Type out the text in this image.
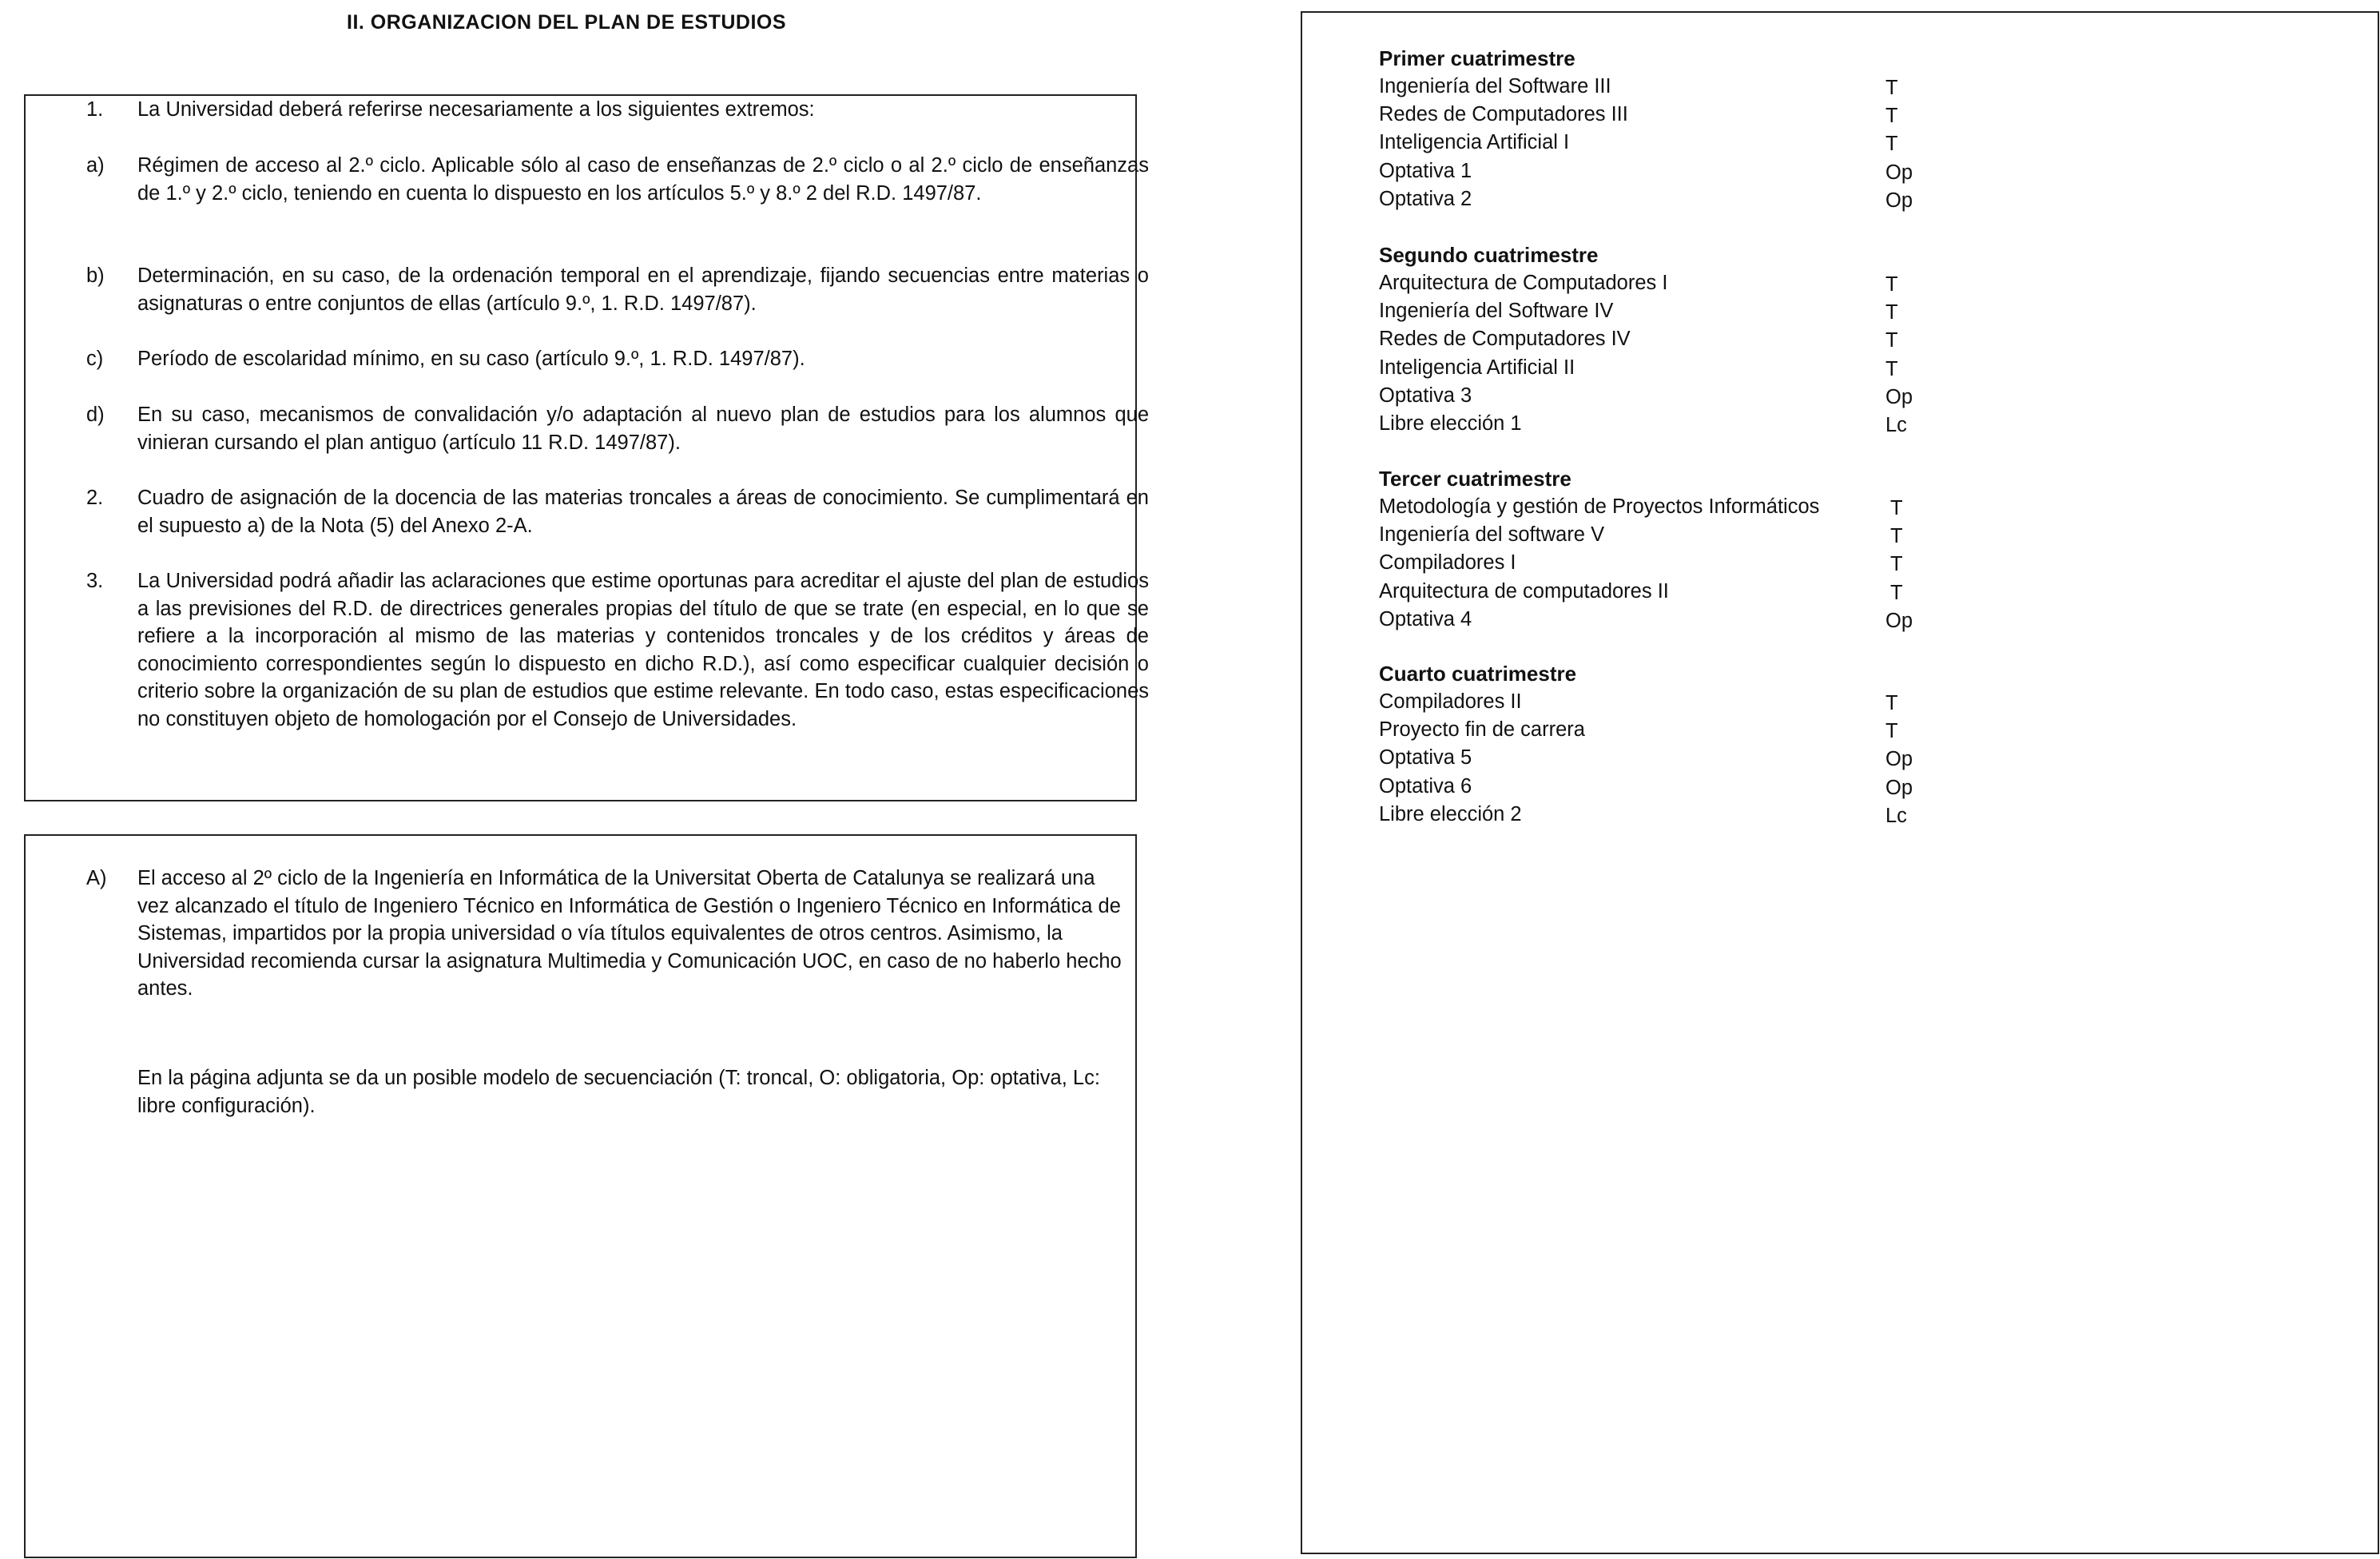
II. ORGANIZACION DEL PLAN DE ESTUDIOS
1. La Universidad deberá referirse necesariamente a los siguientes extremos:
a) Régimen de acceso al 2.º ciclo. Aplicable sólo al caso de enseñanzas de 2.º ciclo o al 2.º ciclo de enseñanzas de 1.º y 2.º ciclo, teniendo en cuenta lo dispuesto en los artículos 5.º y 8.º 2 del R.D. 1497/87.
b) Determinación, en su caso, de la ordenación temporal en el aprendizaje, fijando secuencias entre materias o asignaturas o entre conjuntos de ellas (artículo 9.º, 1. R.D. 1497/87).
c) Período de escolaridad mínimo, en su caso (artículo 9.º, 1. R.D. 1497/87).
d) En su caso, mecanismos de convalidación y/o adaptación al nuevo plan de estudios para los alumnos que vinieran cursando el plan antiguo (artículo 11 R.D. 1497/87).
2. Cuadro de asignación de la docencia de las materias troncales a áreas de conocimiento. Se cumplimentará en el supuesto a) de la Nota (5) del Anexo 2-A.
3. La Universidad podrá añadir las aclaraciones que estime oportunas para acreditar el ajuste del plan de estudios a las previsiones del R.D. de directrices generales propias del título de que se trate (en especial, en lo que se refiere a la incorporación al mismo de las materias y contenidos troncales y de los créditos y áreas de conocimiento correspondientes según lo dispuesto en dicho R.D.), así como especificar cualquier decisión o criterio sobre la organización de su plan de estudios que estime relevante. En todo caso, estas especificaciones no constituyen objeto de homologación por el Consejo de Universidades.
A) El acceso al 2º ciclo de la Ingeniería en Informática de la Universitat Oberta de Catalunya se realizará una vez alcanzado el título de Ingeniero Técnico en Informática de Gestión o Ingeniero Técnico en Informática de Sistemas, impartidos por la propia universidad o vía títulos equivalentes de otros centros. Asimismo, la Universidad recomienda cursar la asignatura Multimedia y Comunicación UOC, en caso de no haberlo hecho antes.
En la página adjunta se da un posible modelo de secuenciación (T: troncal, O: obligatoria, Op: optativa, Lc: libre configuración).
Primer cuatrimestre
Ingeniería del Software III	T
Redes de Computadores III	T
Inteligencia Artificial I	T
Optativa 1	Op
Optativa 2	Op
Segundo cuatrimestre
Arquitectura de Computadores I	T
Ingeniería del Software IV	T
Redes de Computadores IV	T
Inteligencia Artificial II	T
Optativa 3	Op
Libre elección 1	Lc
Tercer cuatrimestre
Metodología y gestión de Proyectos Informáticos	T
Ingeniería del software V	T
Compiladores I	T
Arquitectura de computadores II	T
Optativa 4	Op
Cuarto cuatrimestre
Compiladores II	T
Proyecto fin de carrera	T
Optativa 5	Op
Optativa 6	Op
Libre elección 2	Lc
